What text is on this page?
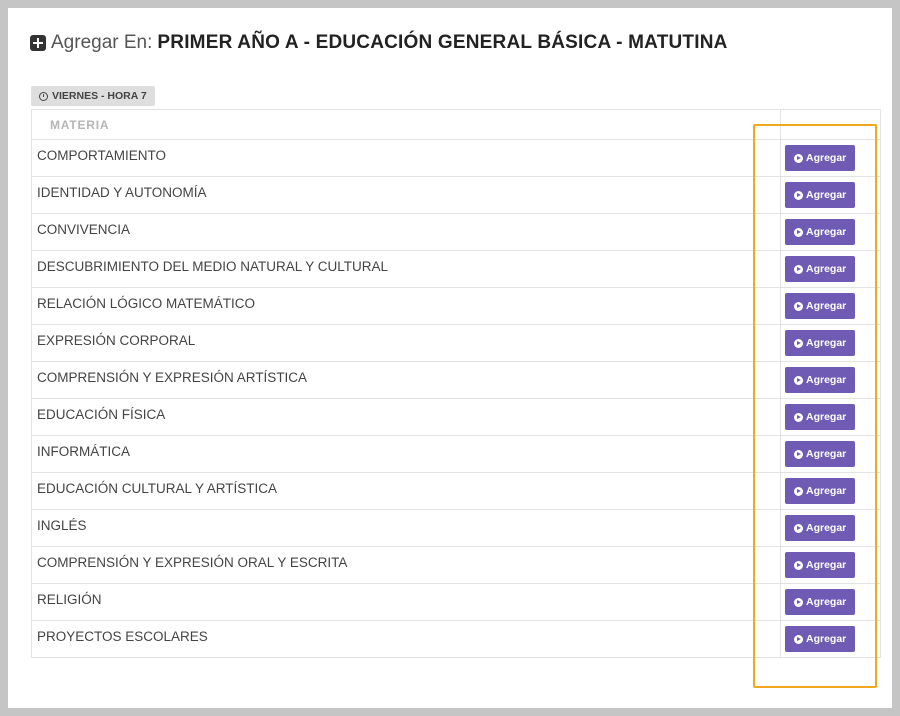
Agregar En: PRIMER AÑO A - EDUCACIÓN GENERAL BÁSICA - MATUTINA
VIERNES - HORA 7
MATERIA	
COMPORTAMIENTO	Agregar

IDENTIDAD Y AUTONOMÍA	Agregar

CONVIVENCIA	Agregar

DESCUBRIMIENTO DEL MEDIO NATURAL Y CULTURAL	Agregar

RELACIÓN LÓGICO MATEMÁTICO	Agregar

EXPRESIÓN CORPORAL	Agregar

COMPRENSIÓN Y EXPRESIÓN ARTÍSTICA	Agregar

EDUCACIÓN FÍSICA	Agregar

INFORMÁTICA	Agregar

EDUCACIÓN CULTURAL Y ARTÍSTICA	Agregar

INGLÉS	Agregar

COMPRENSIÓN Y EXPRESIÓN ORAL Y ESCRITA	Agregar

RELIGIÓN	Agregar

PROYECTOS ESCOLARES	Agregar
